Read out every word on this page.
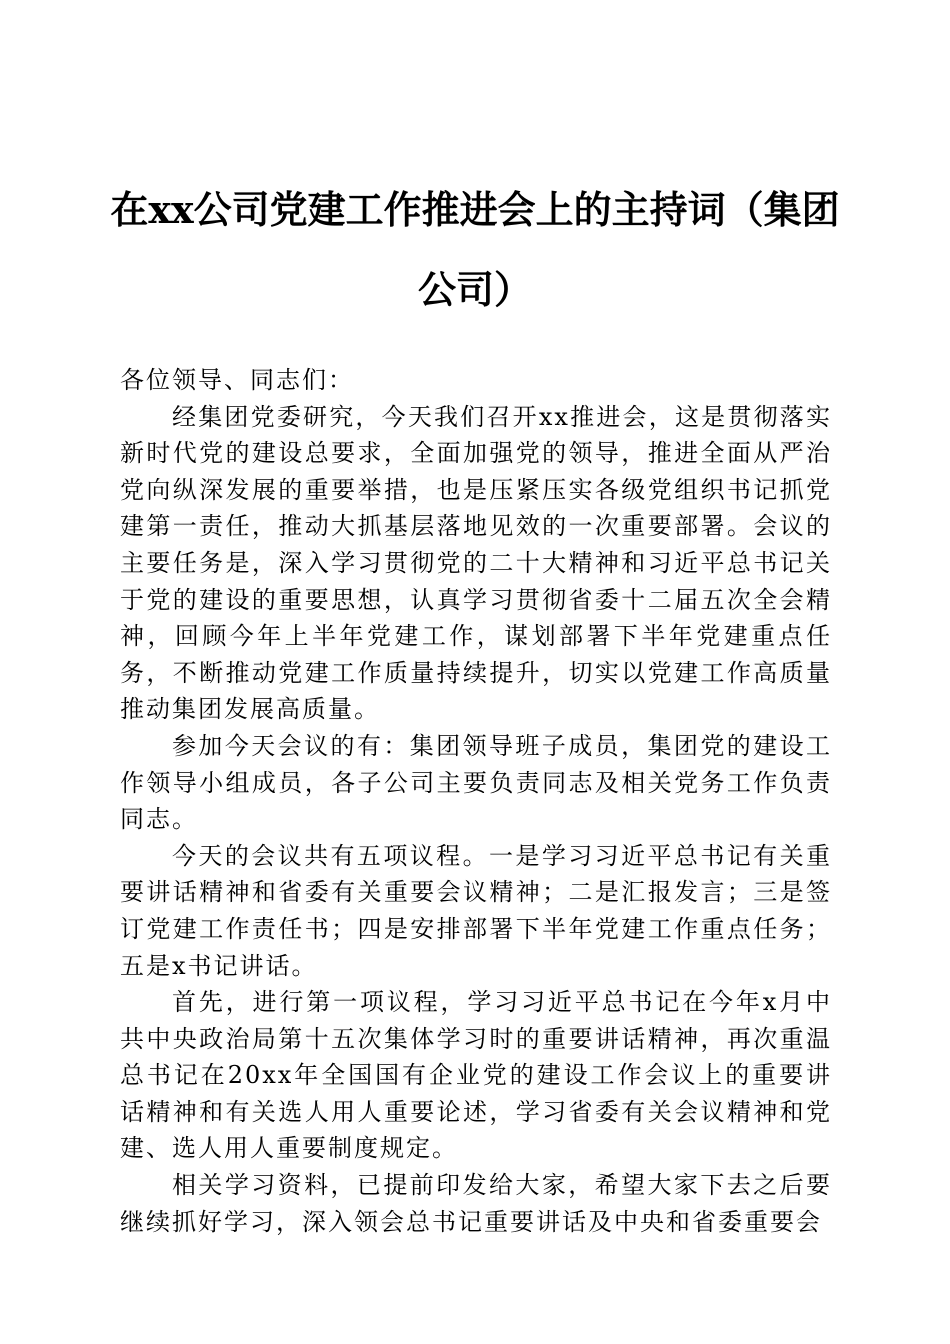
在xx公司党建工作推进会上的主持词（集团公司）

各位领导、同志们：

经集团党委研究，今天我们召开xx推进会，这是贯彻落实新时代党的建设总要求，全面加强党的领导，推进全面从严治党向纵深发展的重要举措，也是压紧压实各级党组织书记抓党建第一责任，推动大抓基层落地见效的一次重要部署。会议的主要任务是，深入学习贯彻党的二十大精神和习近平总书记关于党的建设的重要思想，认真学习贯彻省委十二届五次全会精神，回顾今年上半年党建工作，谋划部署下半年党建重点任务，不断推动党建工作质量持续提升，切实以党建工作高质量推动集团发展高质量。

参加今天会议的有：集团领导班子成员，集团党的建设工作领导小组成员，各子公司主要负责同志及相关党务工作负责同志。

今天的会议共有五项议程。一是学习习近平总书记有关重要讲话精神和省委有关重要会议精神；二是汇报发言；三是签订党建工作责任书；四是安排部署下半年党建工作重点任务；五是x书记讲话。

首先，进行第一项议程，学习习近平总书记在今年x月中共中央政治局第十五次集体学习时的重要讲话精神，再次重温总书记在20xx年全国国有企业党的建设工作会议上的重要讲话精神和有关选人用人重要论述，学习省委有关会议精神和党建、选人用人重要制度规定。

相关学习资料，已提前印发给大家，希望大家下去之后要继续抓好学习，深入领会总书记重要讲话及中央和省委重要会
